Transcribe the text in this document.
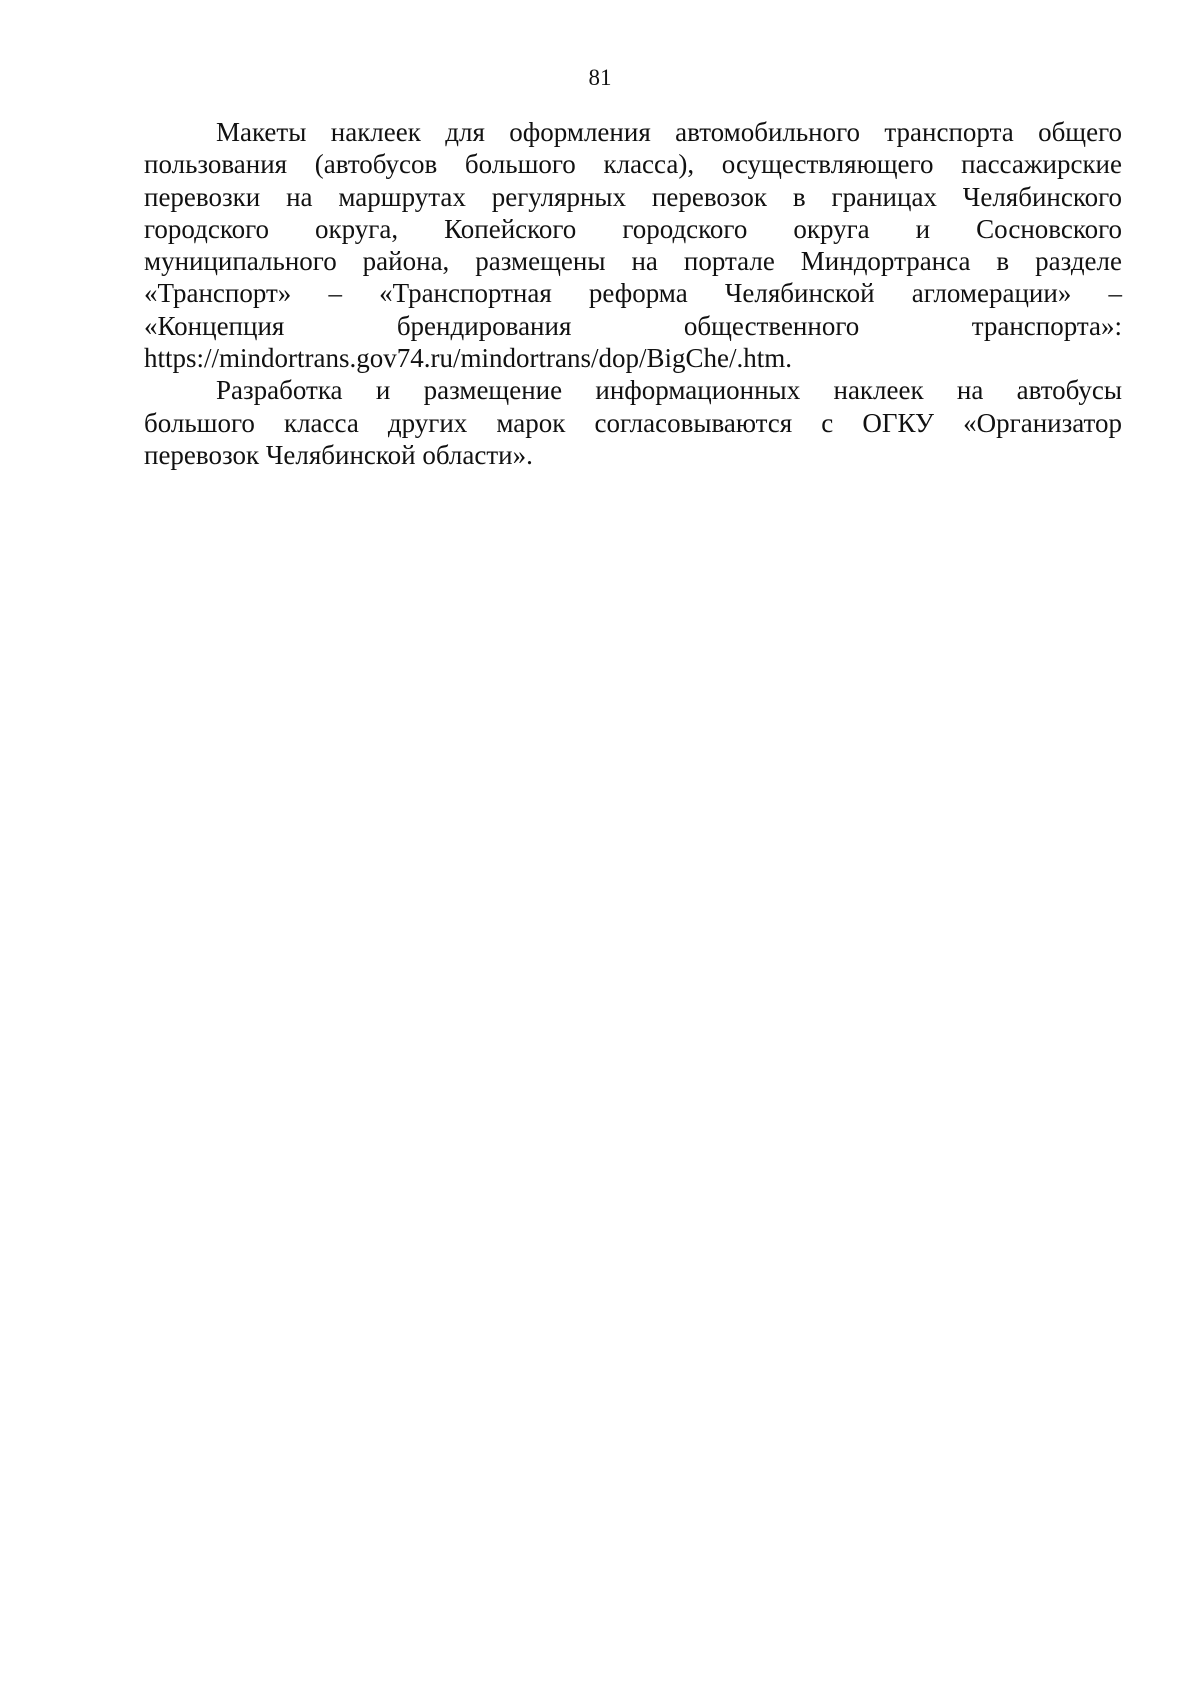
81

Макеты наклеек для оформления автомобильного транспорта общего
пользования (автобусов большого класса), осуществляющего пассажирские
перевозки на маршрутах регулярных перевозок в границах Челябинского
городского округа, Копейского городского округа и Сосновского
муниципального района, размещены на портале Миндортранса в разделе
«Транспорт» – «Транспортная реформа Челябинской агломерации» –
«Концепция брендирования общественного транспорта»:
https://mindortrans.gov74.ru/mindortrans/dop/BigChe/.htm.

Разработка и размещение информационных наклеек на автобусы
большого класса других марок согласовываются с ОГКУ «Организатор
перевозок Челябинской области».
